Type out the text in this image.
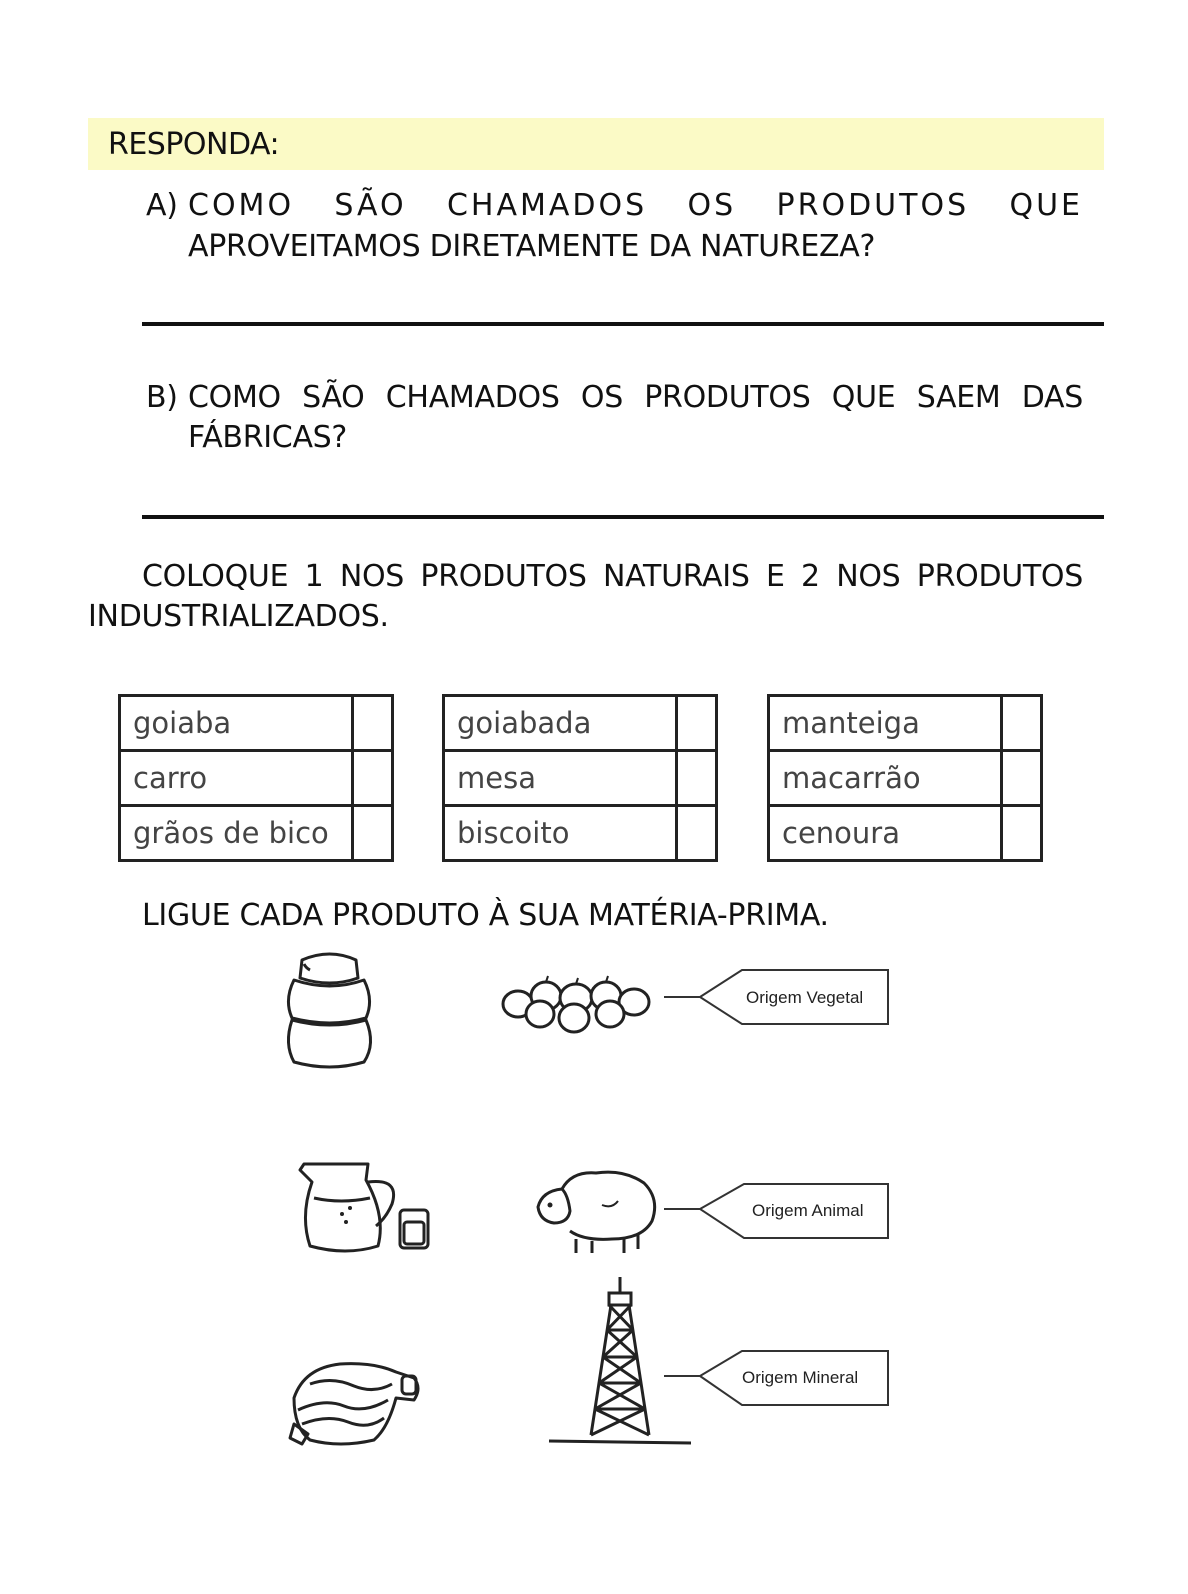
RESPONDA:
A) COMO SÃO CHAMADOS OS PRODUTOS QUE
APROVEITAMOS DIRETAMENTE DA NATUREZA?
B) COMO SÃO CHAMADOS OS PRODUTOS QUE SAEM DAS
FÁBRICAS?
COLOQUE 1 NOS PRODUTOS NATURAIS E 2 NOS PRODUTOS
INDUSTRIALIZADOS.
goiaba	
carro	
grãos de bico	
goiabada	
mesa	
biscoito	
manteiga	
macarrão	
cenoura	
LIGUE CADA PRODUTO À SUA MATÉRIA-PRIMA.
Origem Vegetal
Origem Animal
Origem Mineral
